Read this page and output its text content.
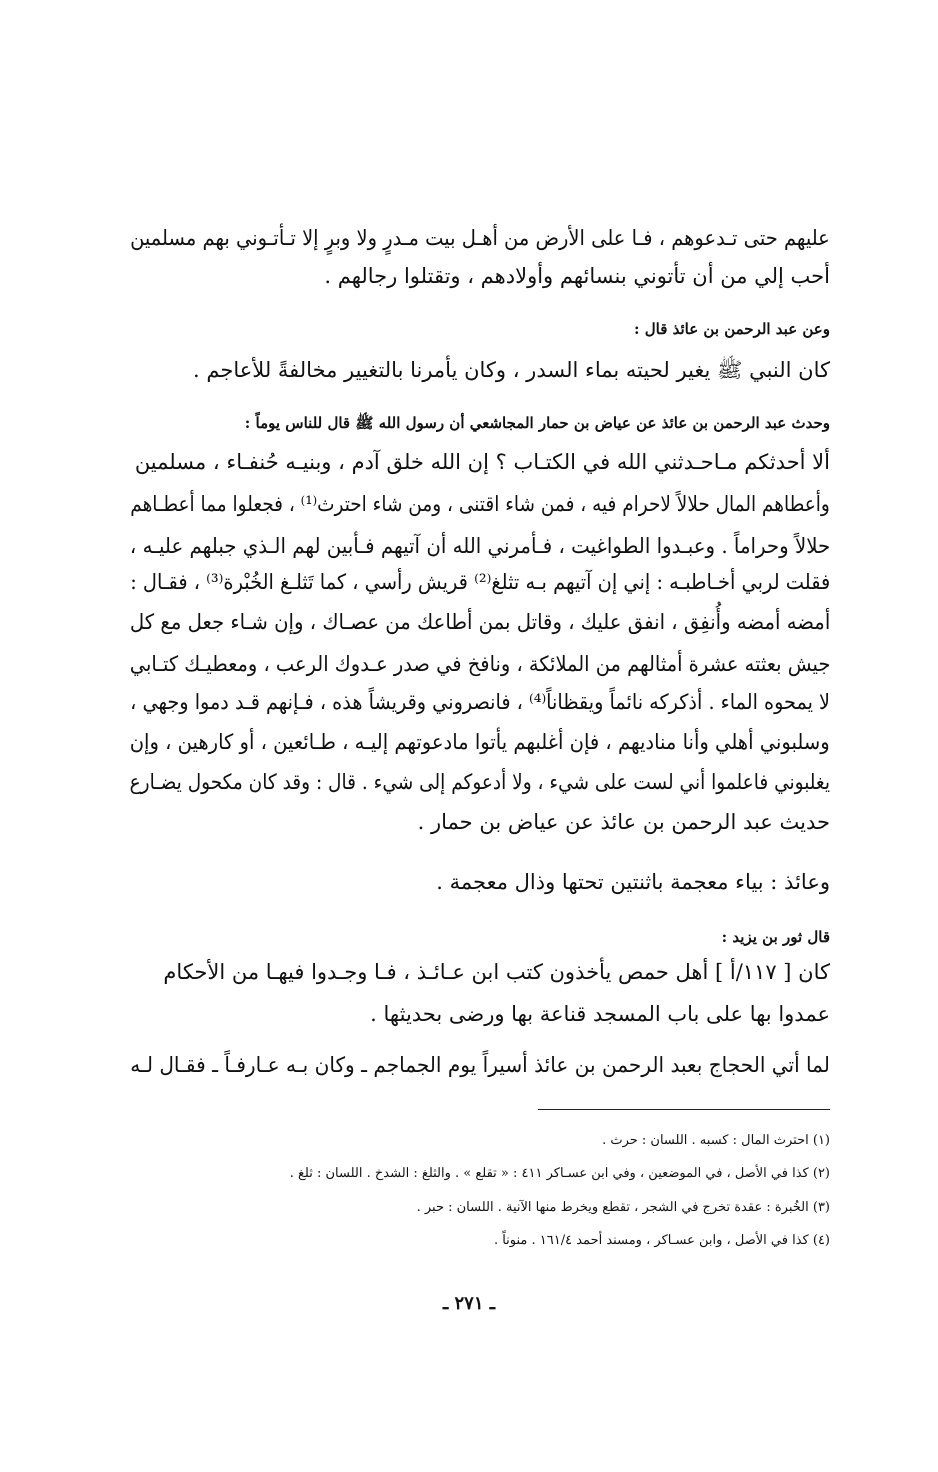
عليهم حتى تـدعوهم ، فـا على الأرض من أهـل بيت مـدرٍ ولا وبرٍ إلا تـأتـوني بهم مسلمين
أحب إلي من أن تأتوني بنسائهم وأولادهم ، وتقتلوا رجالهم .
وعن عبد الرحمن بن عائذ قال :
كان النبي ﷺ يغير لحيته بماء السدر ، وكان يأمرنا بالتغيير مخالفةً للأعاجم .
وحدث عبد الرحمن بن عائذ عن عياض بن حمار المجاشعي أن رسول الله ﷺ قال للناس يوماً :
ألا أحدثكم مـاحـدثني الله في الكتـاب ؟ إن الله خلق آدم ، وبنيـه حُنفـاء ، مسلمين
وأعطاهم المال حلالاً لاحرام فيه ، فمن شاء اقتنى ، ومن شاء احترث⁽¹⁾ ، فجعلوا مما أعطـاهم
حلالاً وحراماً . وعبـدوا الطواغيت ، فـأمرني الله أن آتيهم فـأبين لهم الـذي جبلهم عليـه ،
فقلت لربي أخـاطبـه : إني إن آتيهم بـه تثلغ⁽²⁾ قريش رأسي ، كما تَثلـغ الخُبْرة⁽³⁾ ، فقـال :
أمضه أمضه وأُنفِق ، انفق عليك ، وقاتل بمن أطاعك من عصـاك ، وإن شـاء جعل مع كل
جيش بعثته عشرة أمثالهم من الملائكة ، ونافخ في صدر عـدوك الرعب ، ومعطيـك كتـابي
لا يمحوه الماء . أذكركه نائماً ويقظاناً⁽⁴⁾ ، فانصروني وقريشاً هذه ، فـإنهم قـد دموا وجهي ،
وسلبوني أهلي وأنا مناديهم ، فإن أغلبهم يأتوا مادعوتهم إليـه ، طـائعين ، أو كارهين ، وإن
يغلبوني فاعلموا أني لست على شيء ، ولا أدعوكم إلى شيء . قال : وقد كان مكحول يضـارع
حديث عبد الرحمن بن عائذ عن عياض بن حمار .
وعائذ : بياء معجمة باثنتين تحتها وذال معجمة .
قال ثور بن يزيد :
كان [ ١١٧/أ ] أهل حمص يأخذون كتب ابن عـائـذ ، فـا وجـدوا فيهـا من الأحكام
عمدوا بها على باب المسجد قناعة بها ورضى بحديثها .
لما أتي الحجاج بعبد الرحمن بن عائذ أسيراً يوم الجماجم ـ وكان بـه عـارفـاً ـ فقـال لـه
(١) احترث المال : كسبه . اللسان : حرث .
(٢) كذا في الأصل ، في الموضعين ، وفي ابن عسـاكر ٤١١ : « تقلع » . والثلغ : الشدخ . اللسان : ثلغ .
(٣) الخُبرة : عقدة تخرج في الشجر ، تقطع ويخرط منها الآنية . اللسان : حبر .
(٤) كذا في الأصل ، وابن عسـاكر ، ومسند أحمد ١٦١/٤ . منوناً .
ـ ٢٧١ ـ
